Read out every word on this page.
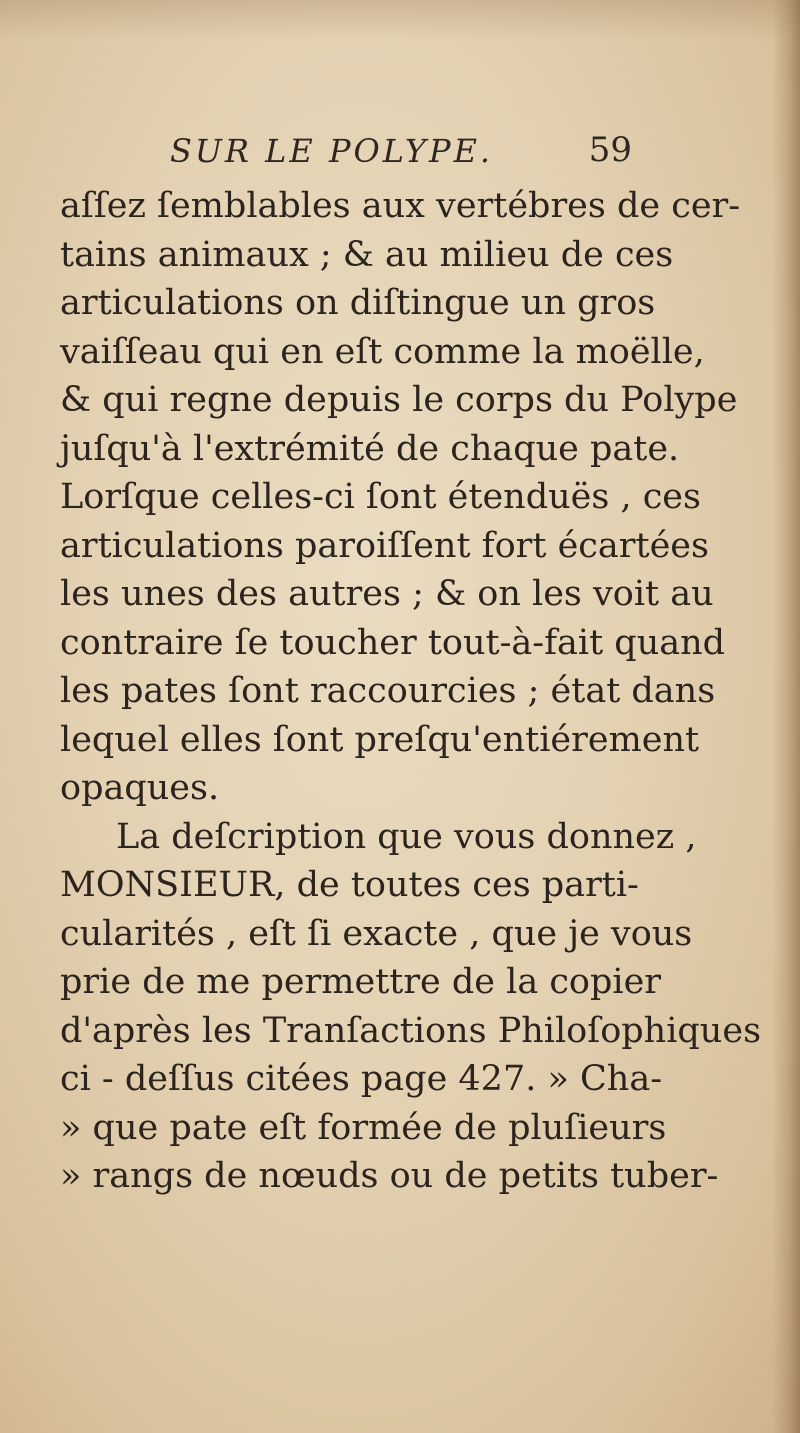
SUR LE POLYPE.	59
aſſez ſemblables aux vertébres de cer-
tains animaux ; & au milieu de ces
articulations on diſtingue un gros
vaiſſeau qui en eſt comme la moëlle,
& qui regne depuis le corps du Polype
juſqu'à l'extrémité de chaque pate.
Lorſque celles-ci ſont étenduës , ces
articulations paroiſſent fort écartées
les unes des autres ; & on les voit au
contraire ſe toucher tout-à-fait quand
les pates ſont raccourcies ; état dans
lequel elles ſont preſqu'entiérement
opaques.
La deſcription que vous donnez ,
MONSIEUR, de toutes ces parti-
cularités , eſt ſi exacte , que je vous
prie de me permettre de la copier
d'après les Tranſactions Philoſophiques
ci - deſſus citées page 427. » Cha-
» que pate eſt formée de pluſieurs
» rangs de nœuds ou de petits tuber-
